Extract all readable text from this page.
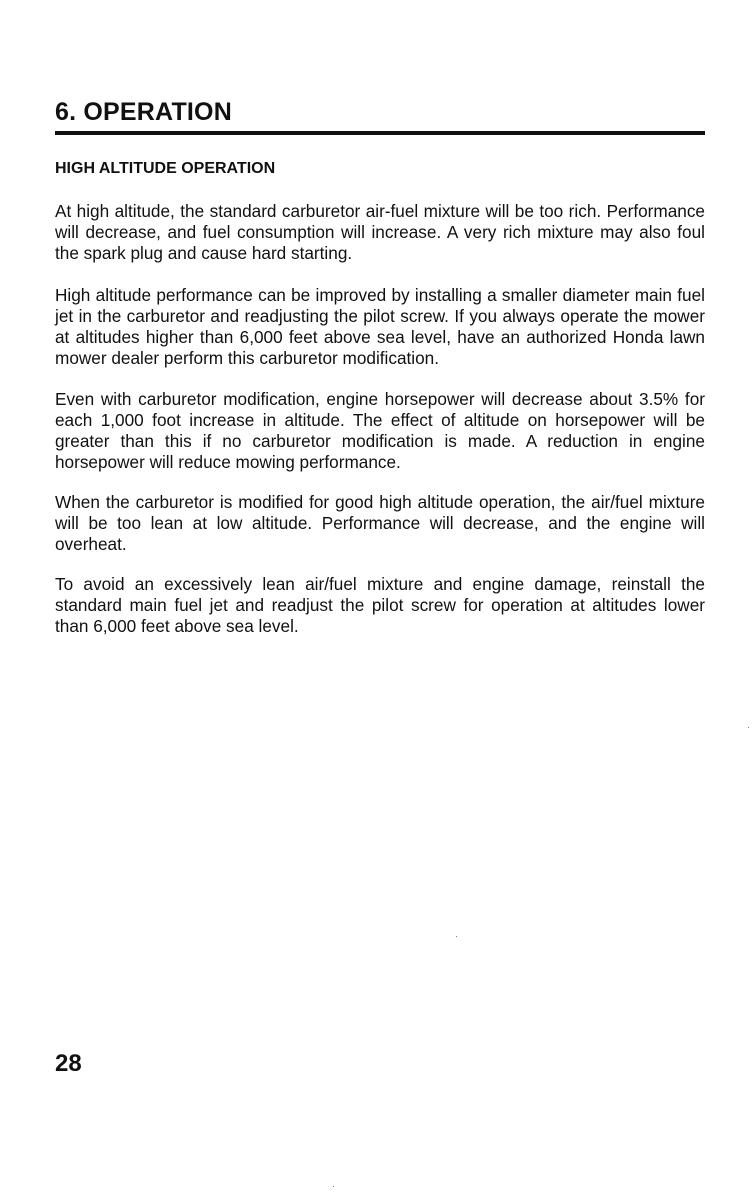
6. OPERATION
HIGH ALTITUDE OPERATION

At high altitude, the standard carburetor air-fuel mixture will be too rich. Performance will decrease, and fuel consumption will increase. A very rich mixture may also foul the spark plug and cause hard starting.

High altitude performance can be improved by installing a smaller diameter main fuel jet in the carburetor and readjusting the pilot screw. If you always operate the mower at altitudes higher than 6,000 feet above sea level, have an authorized Honda lawn mower dealer perform this carburetor modification.

Even with carburetor modification, engine horsepower will decrease about 3.5% for each 1,000 foot increase in altitude. The effect of altitude on horsepower will be greater than this if no carburetor modification is made. A reduction in engine horsepower will reduce mowing performance.

When the carburetor is modified for good high altitude operation, the air/fuel mixture will be too lean at low altitude. Performance will decrease, and the engine will overheat.

To avoid an excessively lean air/fuel mixture and engine damage, reinstall the standard main fuel jet and readjust the pilot screw for operation at altitudes lower than 6,000 feet above sea level.

28
